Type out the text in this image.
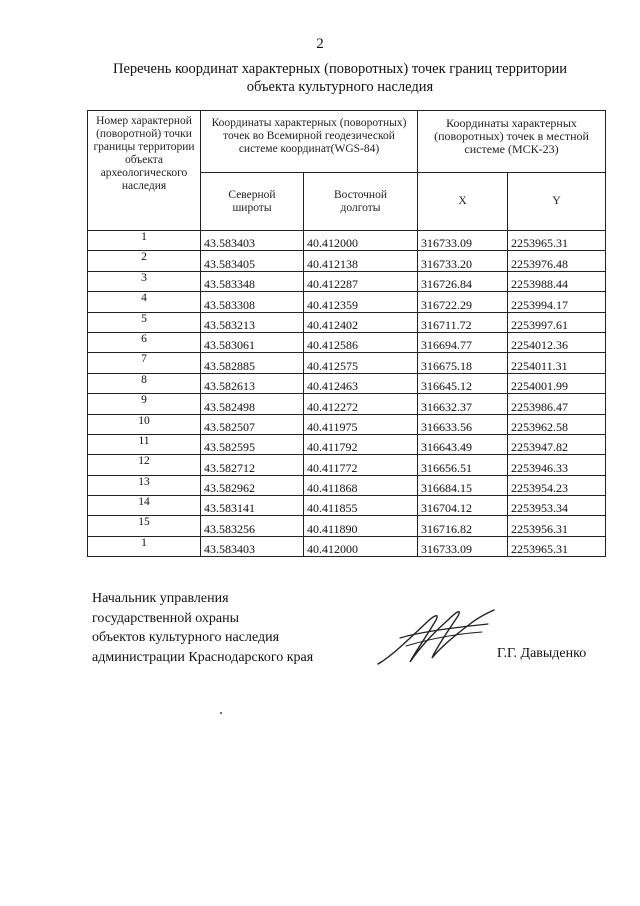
2
Перечень координат характерных (поворотных) точек границ территории
объекта культурного наследия
Номер характерной (поворотной) точки границы территории объекта археологического наследия	Координаты характерных (поворотных) точек во Всемирной геодезической системе координат(WGS-84)		Координаты характерных (поворотных) точек в местной системе (МСК-23)	
	Северной широты	Восточной долготы	X	Y
1	43.583403	40.412000	316733.09	2253965.31
2	43.583405	40.412138	316733.20	2253976.48
3	43.583348	40.412287	316726.84	2253988.44
4	43.583308	40.412359	316722.29	2253994.17
5	43.583213	40.412402	316711.72	2253997.61
6	43.583061	40.412586	316694.77	2254012.36
7	43.582885	40.412575	316675.18	2254011.31
8	43.582613	40.412463	316645.12	2254001.99
9	43.582498	40.412272	316632.37	2253986.47
10	43.582507	40.411975	316633.56	2253962.58
11	43.582595	40.411792	316643.49	2253947.82
12	43.582712	40.411772	316656.51	2253946.33
13	43.582962	40.411868	316684.15	2253954.23
14	43.583141	40.411855	316704.12	2253953.34
15	43.583256	40.411890	316716.82	2253956.31
1	43.583403	40.412000	316733.09	2253965.31
Начальник управления
государственной охраны
объектов культурного наследия
администрации Краснодарского края	Г.Г. Давыденко
